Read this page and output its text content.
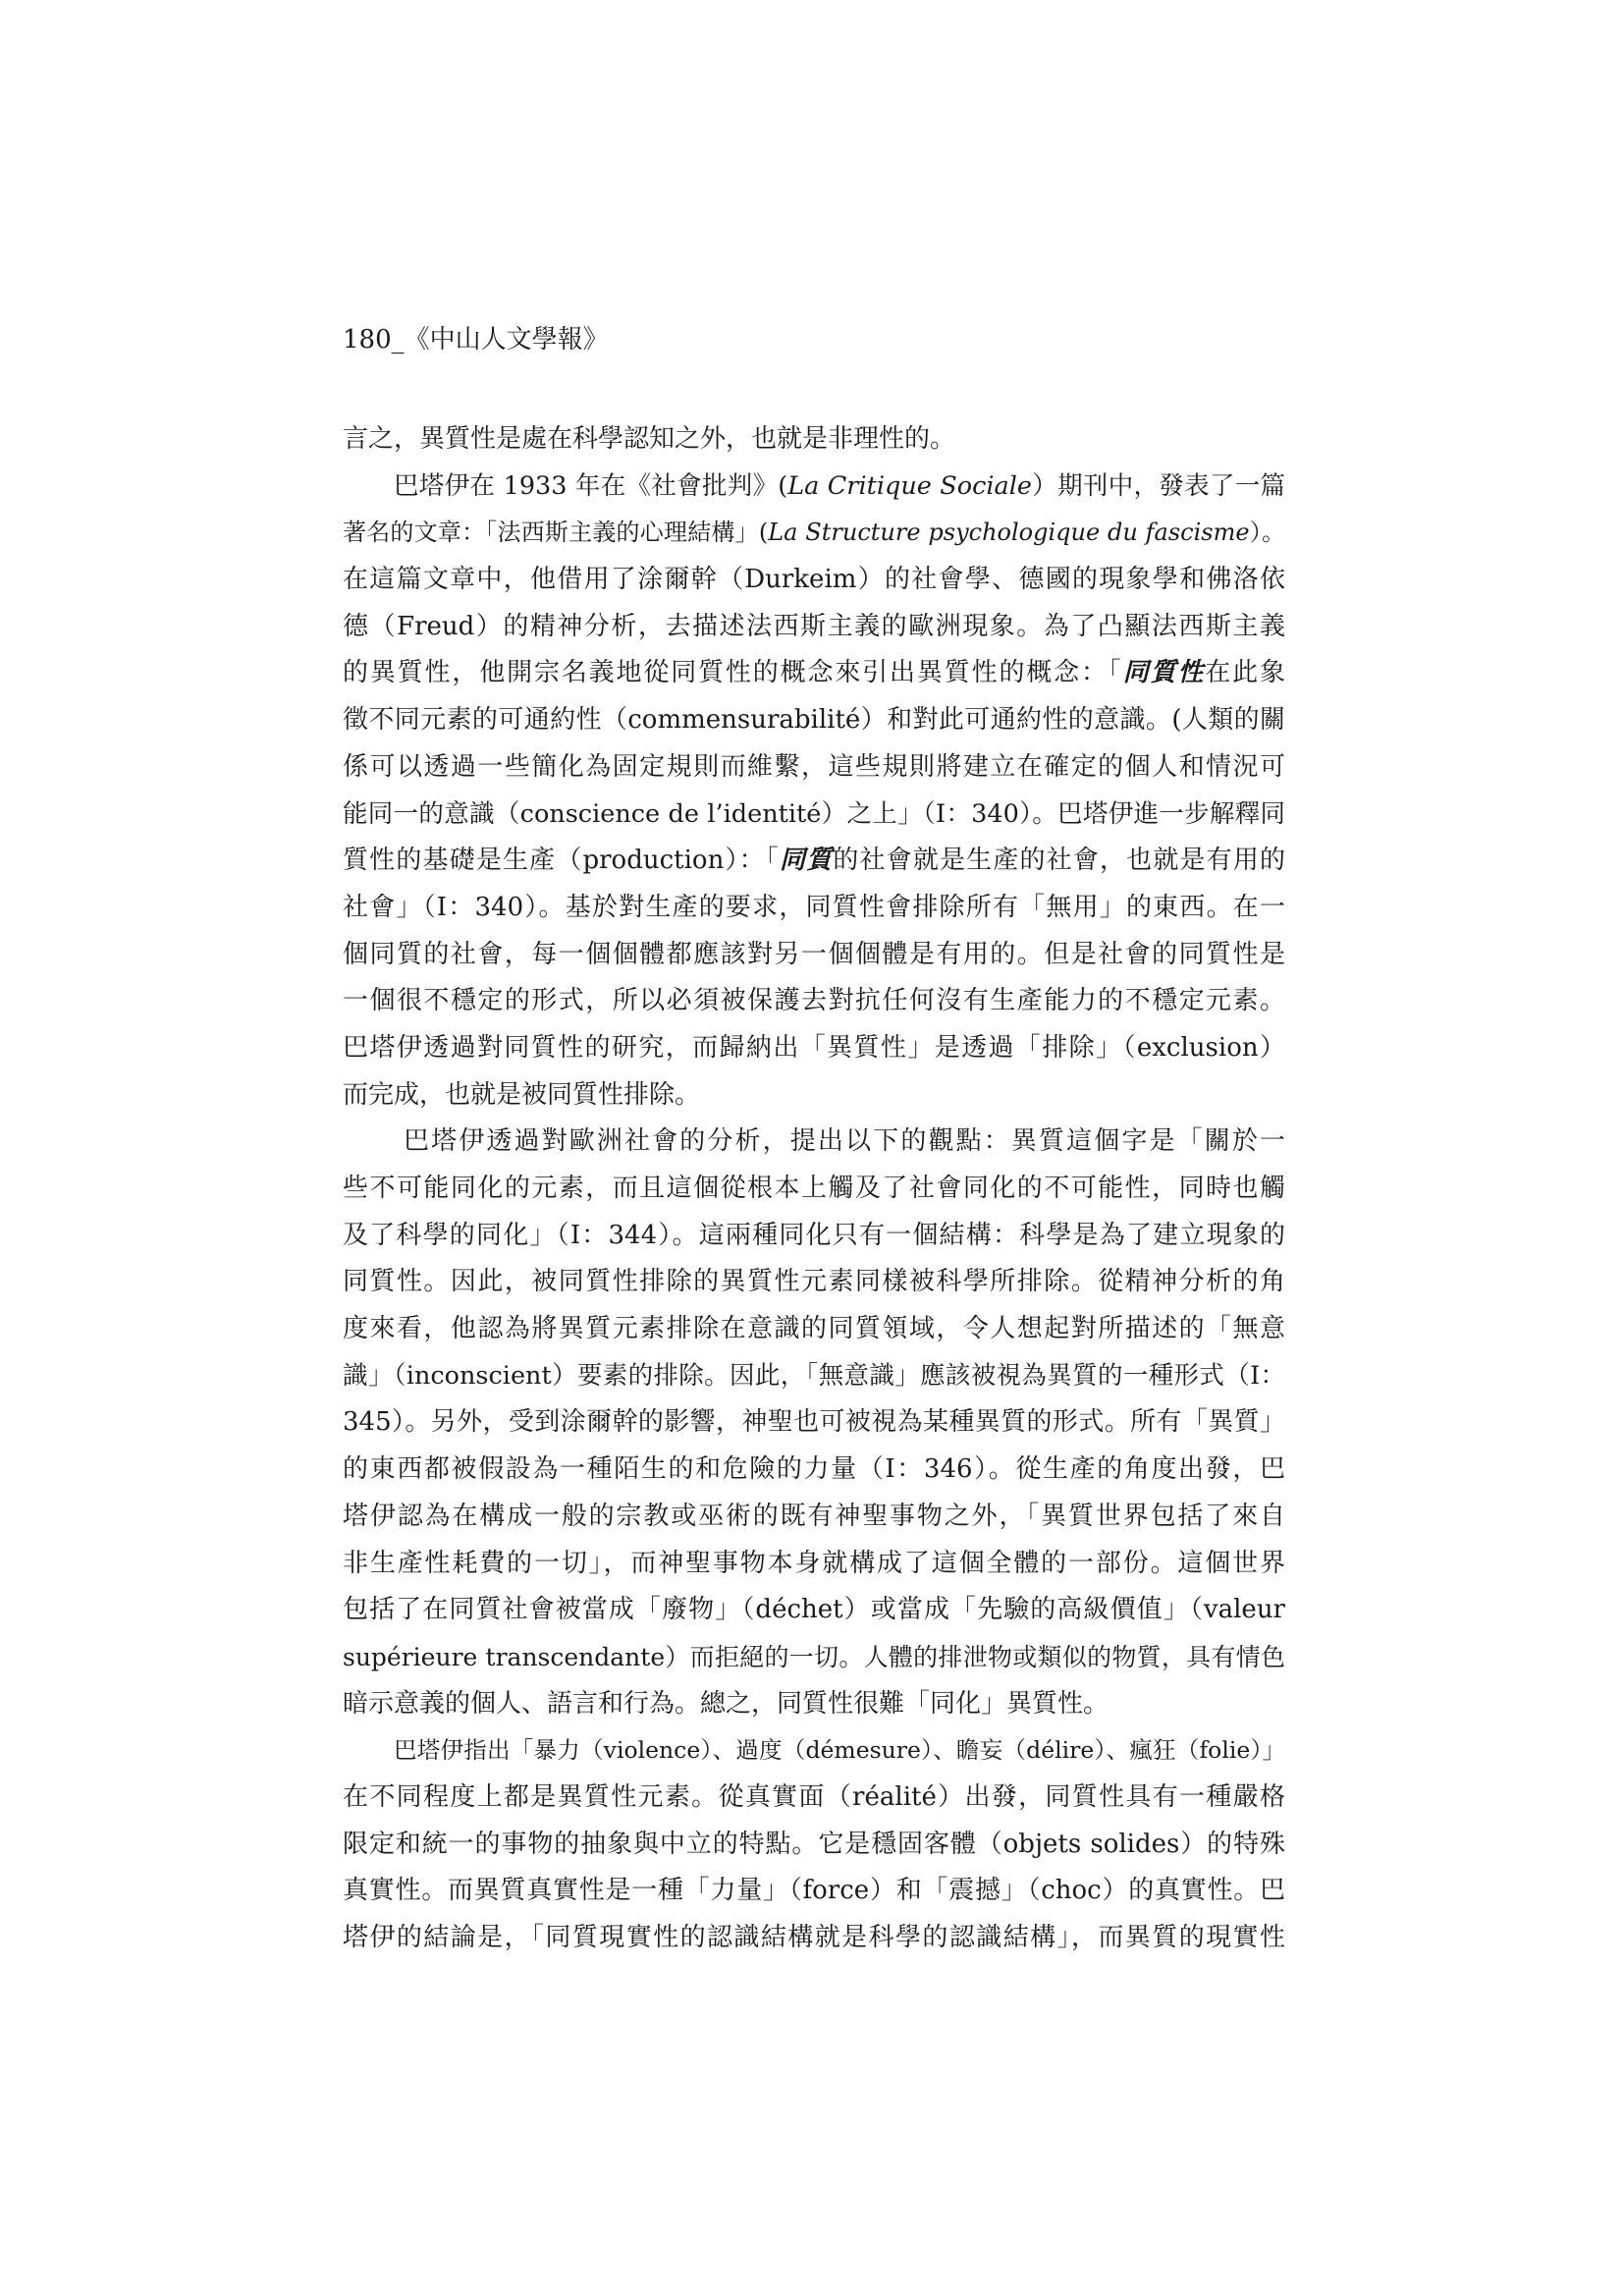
180_《中山人文學報》
言之，異質性是處在科學認知之外，也就是非理性的。
巴塔伊在 1933 年在《社會批判》(La Critique Sociale）期刊中，發表了一篇
著名的文章：「法西斯主義的心理結構」(La Structure psychologique du fascisme）。
在這篇文章中，他借用了涂爾幹（Durkeim）的社會學、德國的現象學和佛洛依
德（Freud）的精神分析，去描述法西斯主義的歐洲現象。為了凸顯法西斯主義
的異質性，他開宗名義地從同質性的概念來引出異質性的概念：「同質性在此象
徵不同元素的可通約性（commensurabilité）和對此可通約性的意識。(人類的關
係可以透過一些簡化為固定規則而維繫，這些規則將建立在確定的個人和情況可
能同一的意識（conscience de l’identité）之上」（I：340）。巴塔伊進一步解釋同
質性的基礎是生產（production）：「同質的社會就是生產的社會，也就是有用的
社會」（I：340）。基於對生產的要求，同質性會排除所有「無用」的東西。在一
個同質的社會，每一個個體都應該對另一個個體是有用的。但是社會的同質性是
一個很不穩定的形式，所以必須被保護去對抗任何沒有生產能力的不穩定元素。
巴塔伊透過對同質性的研究，而歸納出「異質性」是透過「排除」（exclusion）
而完成，也就是被同質性排除。
巴塔伊透過對歐洲社會的分析，提出以下的觀點：異質這個字是「關於一
些不可能同化的元素，而且這個從根本上觸及了社會同化的不可能性，同時也觸
及了科學的同化」（I：344）。這兩種同化只有一個結構：科學是為了建立現象的
同質性。因此，被同質性排除的異質性元素同樣被科學所排除。從精神分析的角
度來看，他認為將異質元素排除在意識的同質領域，令人想起對所描述的「無意
識」（inconscient）要素的排除。因此，「無意識」應該被視為異質的一種形式（I：
345）。另外，受到涂爾幹的影響，神聖也可被視為某種異質的形式。所有「異質」
的東西都被假設為一種陌生的和危險的力量（I：346）。從生產的角度出發，巴
塔伊認為在構成一般的宗教或巫術的既有神聖事物之外，「異質世界包括了來自
非生產性耗費的一切」，而神聖事物本身就構成了這個全體的一部份。這個世界
包括了在同質社會被當成「廢物」（déchet）或當成「先驗的高級價值」（valeur
supérieure transcendante）而拒絕的一切。人體的排泄物或類似的物質，具有情色
暗示意義的個人、語言和行為。總之，同質性很難「同化」異質性。
巴塔伊指出「暴力（violence）、過度（démesure）、瞻妄（délire）、瘋狂（folie）」
在不同程度上都是異質性元素。從真實面（réalité）出發，同質性具有一種嚴格
限定和統一的事物的抽象與中立的特點。它是穩固客體（objets solides）的特殊
真實性。而異質真實性是一種「力量」（force）和「震撼」（choc）的真實性。巴
塔伊的結論是，「同質現實性的認識結構就是科學的認識結構」，而異質的現實性
